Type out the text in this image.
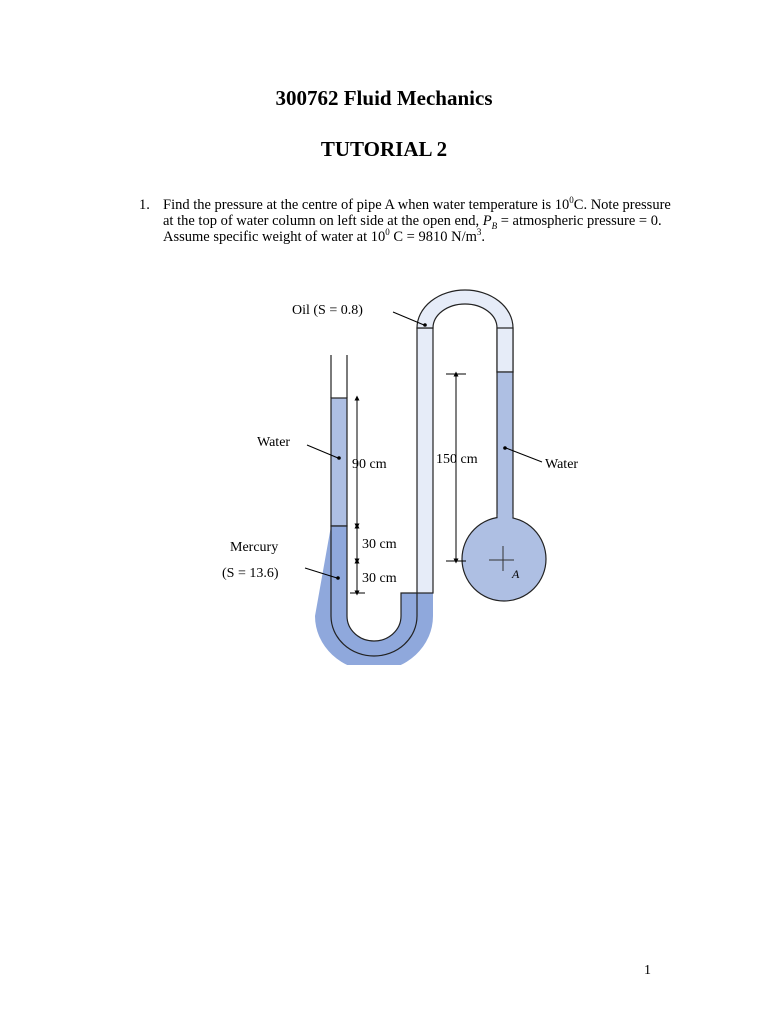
300762 Fluid Mechanics
TUTORIAL 2
1. Find the pressure at the centre of pipe A when water temperature is $10^0C$. Note pressure at the top of water column on left side at the open end, $P_B$ = atmospheric pressure = 0. Assume specific weight of water at $10^0$ C = 9810 $N/m^3$.
A
90 cm	150 cm
30 cm
30 cm
Oil (S = 0.8)
Water
Water
Mercury
(S = 13.6)
1
